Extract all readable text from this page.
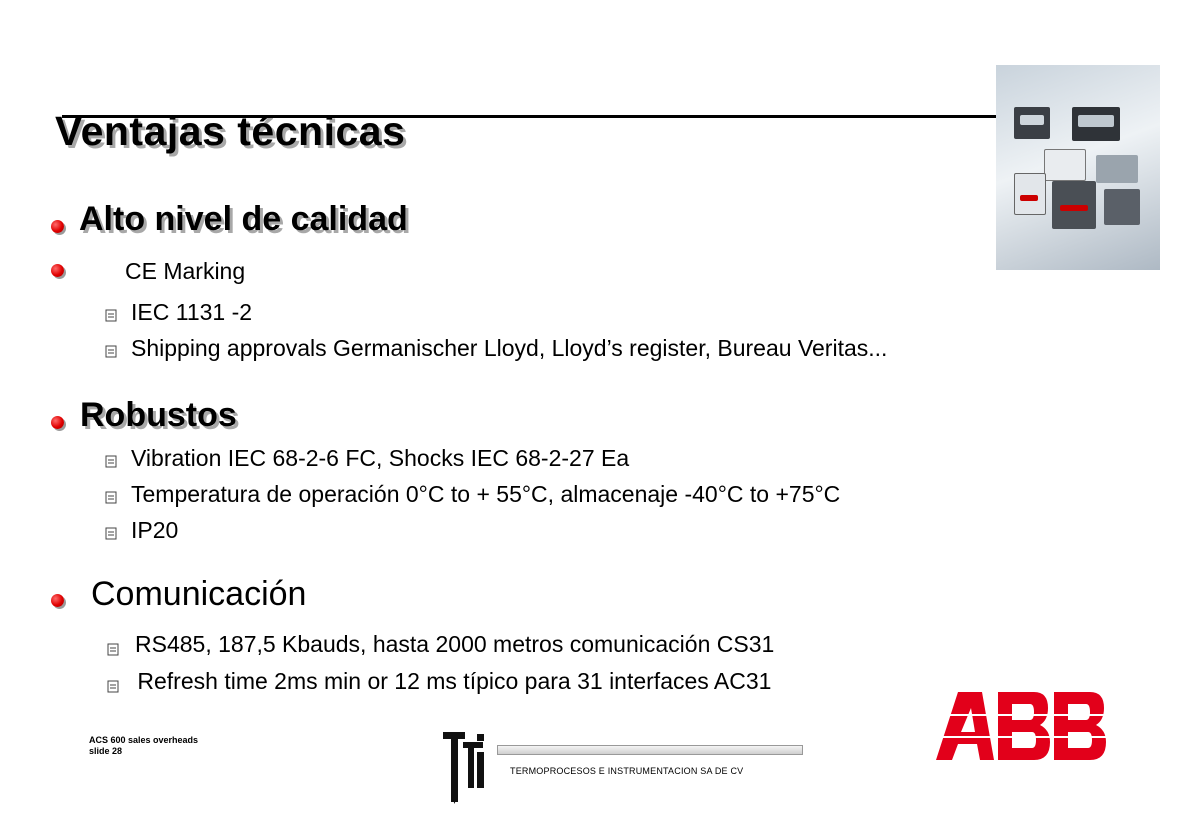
Ventajas técnicas
Alto nivel de calidad
CE Marking
IEC 1131 -2
Shipping approvals Germanischer Lloyd, Lloyd’s register, Bureau Veritas...
Robustos
Vibration IEC 68-2-6 FC, Shocks IEC 68-2-27 Ea
Temperatura de operación 0°C to + 55°C, almacenaje -40°C to +75°C
IP20
Comunicación
RS485, 187,5 Kbauds, hasta 2000 metros comunicación CS31
Refresh time 2ms min or 12 ms típico para 31 interfaces AC31
ACS 600 sales overheads
slide 28
TERMOPROCESOS E INSTRUMENTACION SA DE CV
